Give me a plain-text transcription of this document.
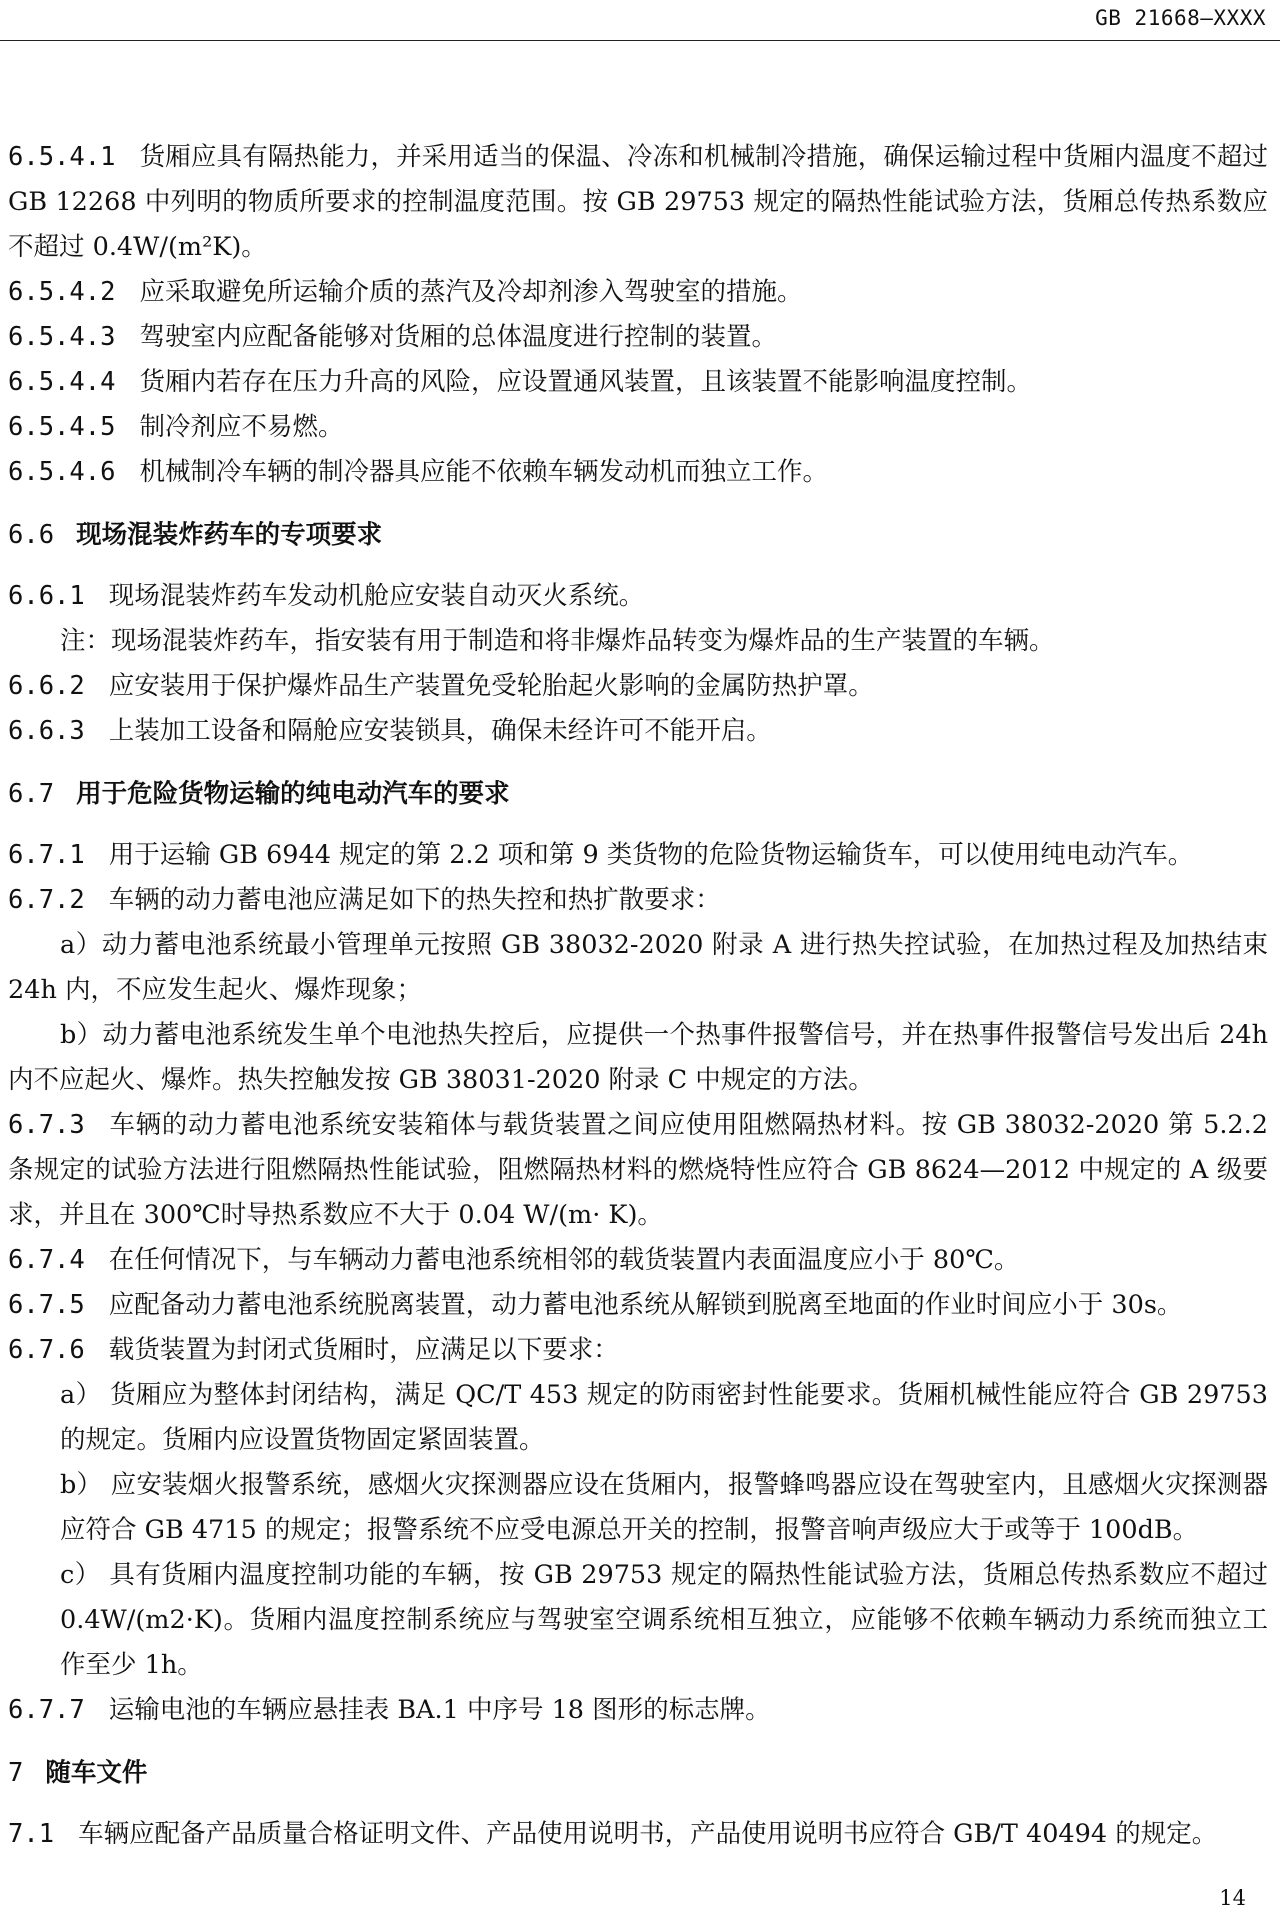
GB 21668—XXXX
6.5.4.1 货厢应具有隔热能力，并采用适当的保温、冷冻和机械制冷措施，确保运输过程中货厢内温度不超过 GB 12268 中列明的物质所要求的控制温度范围。按 GB 29753 规定的隔热性能试验方法，货厢总传热系数应不超过 0.4W/(m²K)。
6.5.4.2 应采取避免所运输介质的蒸汽及冷却剂渗入驾驶室的措施。
6.5.4.3 驾驶室内应配备能够对货厢的总体温度进行控制的装置。
6.5.4.4 货厢内若存在压力升高的风险，应设置通风装置，且该装置不能影响温度控制。
6.5.4.5 制冷剂应不易燃。
6.5.4.6 机械制冷车辆的制冷器具应能不依赖车辆发动机而独立工作。
6.6 现场混装炸药车的专项要求
6.6.1 现场混装炸药车发动机舱应安装自动灭火系统。
注：现场混装炸药车，指安装有用于制造和将非爆炸品转变为爆炸品的生产装置的车辆。
6.6.2 应安装用于保护爆炸品生产装置免受轮胎起火影响的金属防热护罩。
6.6.3 上装加工设备和隔舱应安装锁具，确保未经许可不能开启。
6.7 用于危险货物运输的纯电动汽车的要求
6.7.1 用于运输 GB 6944 规定的第 2.2 项和第 9 类货物的危险货物运输货车，可以使用纯电动汽车。
6.7.2 车辆的动力蓄电池应满足如下的热失控和热扩散要求：
a）动力蓄电池系统最小管理单元按照 GB 38032-2020 附录 A 进行热失控试验，在加热过程及加热结束 24h 内，不应发生起火、爆炸现象；
b）动力蓄电池系统发生单个电池热失控后，应提供一个热事件报警信号，并在热事件报警信号发出后 24h 内不应起火、爆炸。热失控触发按 GB 38031-2020 附录 C 中规定的方法。
6.7.3 车辆的动力蓄电池系统安装箱体与载货装置之间应使用阻燃隔热材料。按 GB 38032-2020 第 5.2.2 条规定的试验方法进行阻燃隔热性能试验，阻燃隔热材料的燃烧特性应符合 GB 8624—2012 中规定的 A 级要求，并且在 300℃时导热系数应不大于 0.04 W/(m· K)。
6.7.4 在任何情况下，与车辆动力蓄电池系统相邻的载货装置内表面温度应小于 80℃。
6.7.5 应配备动力蓄电池系统脱离装置，动力蓄电池系统从解锁到脱离至地面的作业时间应小于 30s。
6.7.6 载货装置为封闭式货厢时，应满足以下要求：
a） 货厢应为整体封闭结构，满足 QC/T 453 规定的防雨密封性能要求。货厢机械性能应符合 GB 29753 的规定。货厢内应设置货物固定紧固装置。
b） 应安装烟火报警系统，感烟火灾探测器应设在货厢内，报警蜂鸣器应设在驾驶室内，且感烟火灾探测器应符合 GB 4715 的规定；报警系统不应受电源总开关的控制，报警音响声级应大于或等于 100dB。
c） 具有货厢内温度控制功能的车辆，按 GB 29753 规定的隔热性能试验方法，货厢总传热系数应不超过 0.4W/(m2·K)。货厢内温度控制系统应与驾驶室空调系统相互独立，应能够不依赖车辆动力系统而独立工作至少 1h。
6.7.7 运输电池的车辆应悬挂表 BA.1 中序号 18 图形的标志牌。
7 随车文件
7.1 车辆应配备产品质量合格证明文件、产品使用说明书，产品使用说明书应符合 GB/T 40494 的规定。
14
